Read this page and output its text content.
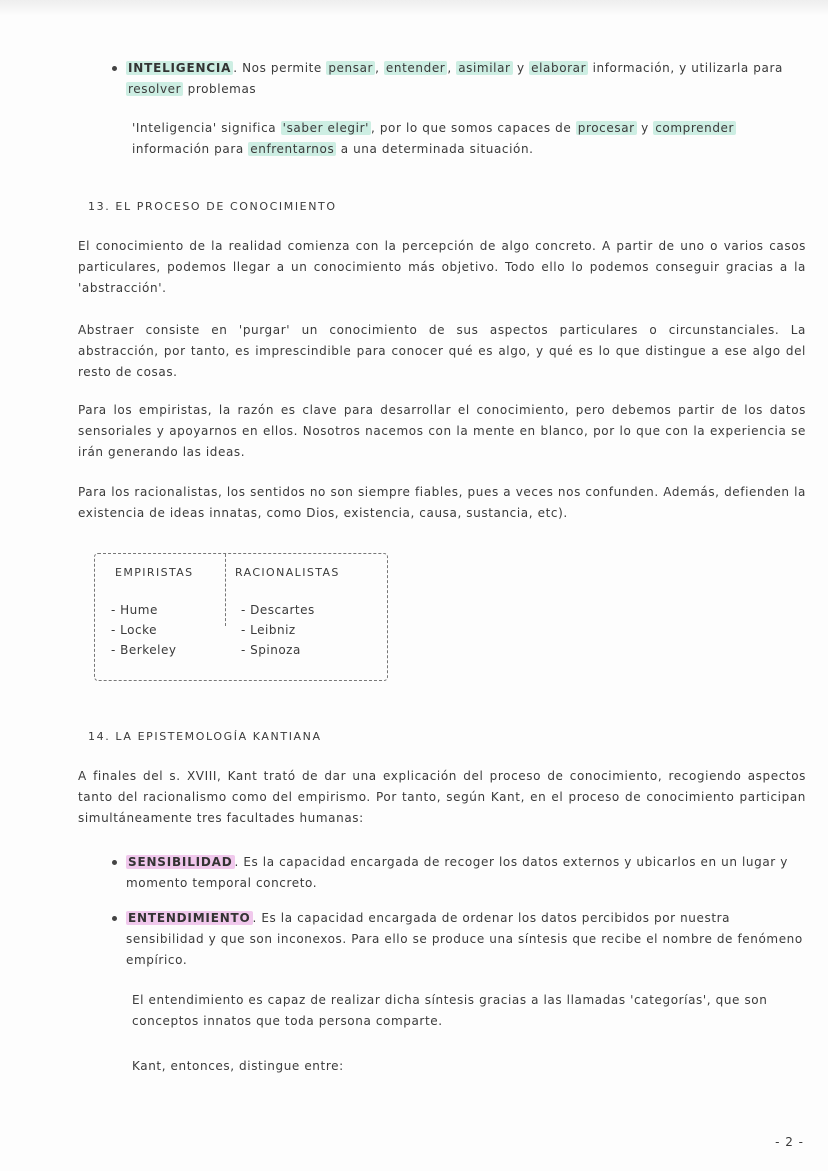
INTELIGENCIA . Nos permite pensar , entender , asimilar y elaborar información, y utilizarla para resolver problemas
'Inteligencia' significa 'saber elegir' , por lo que somos capaces de procesar y comprender información para enfrentarnos a una determinada situación.
13. EL PROCESO DE CONOCIMIENTO
El conocimiento de la realidad comienza con la percepción de algo concreto. A partir de uno o varios casos particulares, podemos llegar a un conocimiento más objetivo. Todo ello lo podemos conseguir gracias a la 'abstracción'.
Abstraer consiste en 'purgar' un conocimiento de sus aspectos particulares o circunstanciales. La abstracción, por tanto, es imprescindible para conocer qué es algo, y qué es lo que distingue a ese algo del resto de cosas.
Para los empiristas, la razón es clave para desarrollar el conocimiento, pero debemos partir de los datos sensoriales y apoyarnos en ellos. Nosotros nacemos con la mente en blanco, por lo que con la experiencia se irán generando las ideas.
Para los racionalistas, los sentidos no son siempre fiables, pues a veces nos confunden. Además, defienden la existencia de ideas innatas, como Dios, existencia, causa, sustancia, etc).
EMPIRISTAS	RACIONALISTAS
- Hume
- Locke
- Berkeley
- Descartes
- Leibniz
- Spinoza
14. LA EPISTEMOLOGÍA KANTIANA
A finales del s. XVIII, Kant trató de dar una explicación del proceso de conocimiento, recogiendo aspectos tanto del racionalismo como del empirismo. Por tanto, según Kant, en el proceso de conocimiento participan simultáneamente tres facultades humanas:
SENSIBILIDAD . Es la capacidad encargada de recoger los datos externos y ubicarlos en un lugar y momento temporal concreto.
ENTENDIMIENTO . Es la capacidad encargada de ordenar los datos percibidos por nuestra sensibilidad y que son inconexos. Para ello se produce una síntesis que recibe el nombre de fenómeno empírico.
El entendimiento es capaz de realizar dicha síntesis gracias a las llamadas 'categorías', que son conceptos innatos que toda persona comparte.
Kant, entonces, distingue entre:
- 2 -
